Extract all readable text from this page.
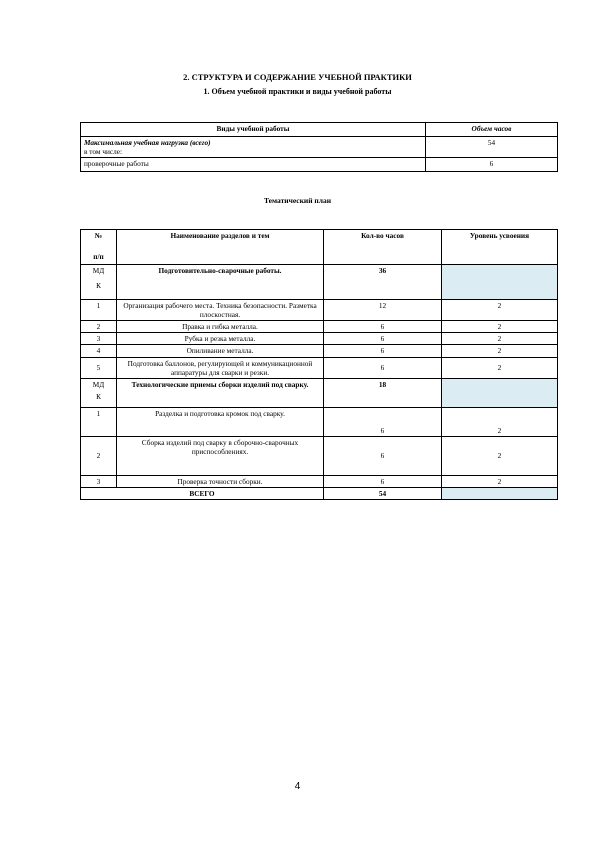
2. СТРУКТУРА И СОДЕРЖАНИЕ УЧЕБНОЙ ПРАКТИКИ
1. Объем учебной практики и виды учебной работы
Виды учебной работы	Объем часов

Максимальная учебная нагрузка (всего)
в том числе:	54
проверочные работы	6
Тематический план
№
п/п	Наименование разделов и тем	Кол-во часов	Уровень усвоения

МД
К	Подготовительно-сварочные работы.	36	
1	Организация рабочего места. Техника безопасности. Разметка плоскостная.	12	2
2	Правка и гибка металла.	6	2
3	Рубка и резка металла.	6	2
4	Опиливание металла.	6	2
5	Подготовка баллонов, регулирующей и коммуникационной аппаратуры для сварки и резки.	6	2

МД
К	Технологические приемы сборки изделий под сварку.	18	
1	Разделка и подготовка кромок под сварку.	6	2
2	Сборка изделий под сварку в сборочно-сварочных приспособлениях.	6	2
3	Проверка точности сборки.	6	2
ВСЕГО		54	
4
